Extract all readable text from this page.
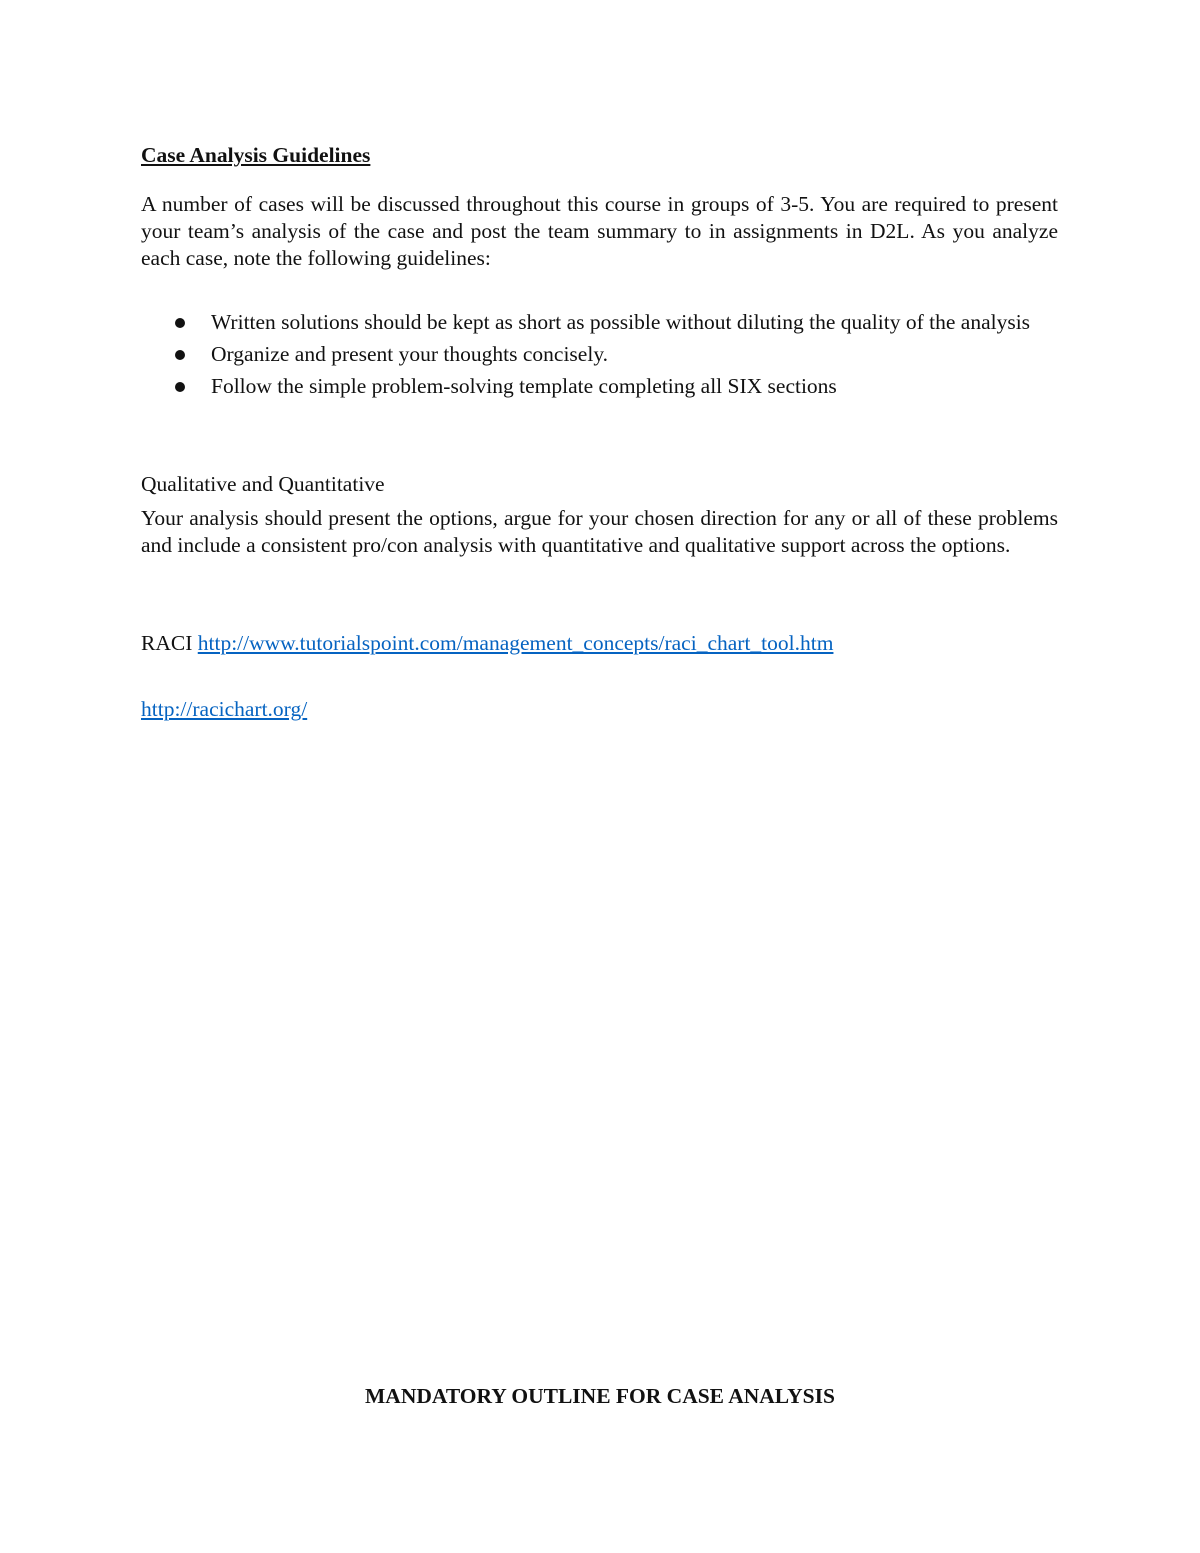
Case Analysis Guidelines

A number of cases will be discussed throughout this course in groups of 3-5. You are required to present your team’s analysis of the case and post the team summary to in assignments in D2L. As you analyze each case, note the following guidelines:

Written solutions should be kept as short as possible without diluting the quality of the analysis
Organize and present your thoughts concisely.
Follow the simple problem-solving template completing all SIX sections

Qualitative and Quantitative

Your analysis should present the options, argue for your chosen direction for any or all of these problems and include a consistent pro/con analysis with quantitative and qualitative support across the options.

RACI http://www.tutorialspoint.com/management_concepts/raci_chart_tool.htm

http://racichart.org/

MANDATORY OUTLINE FOR CASE ANALYSIS
